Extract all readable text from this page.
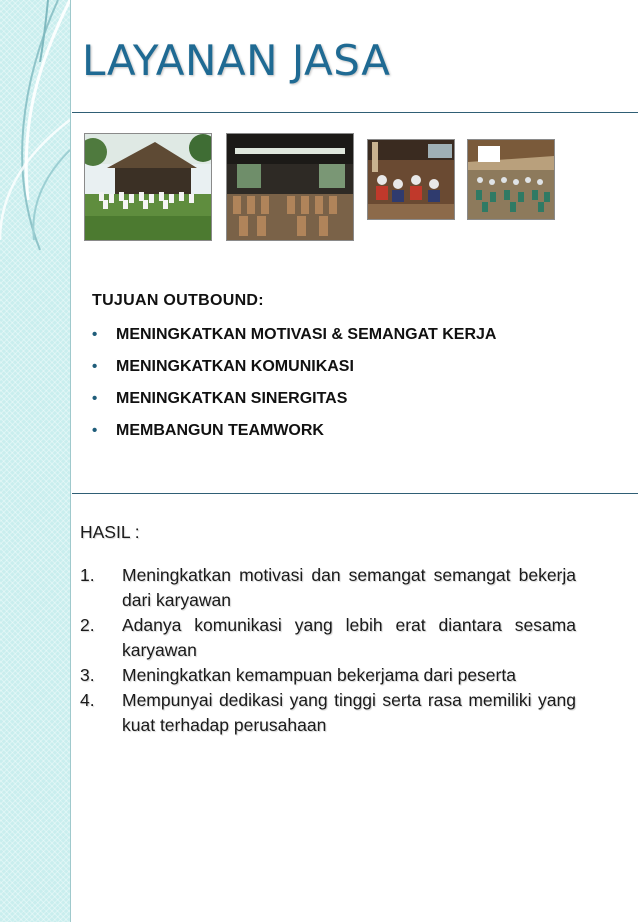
LAYANAN JASA

TUJUAN OUTBOUND:

• MENINGKATKAN MOTIVASI & SEMANGAT KERJA
• MENINGKATKAN KOMUNIKASI
• MENINGKATKAN SINERGITAS
• MEMBANGUN TEAMWORK

HASIL :

1. Meningkatkan motivasi dan semangat semangat bekerja dari karyawan
2. Adanya komunikasi yang lebih erat diantara sesama karyawan
3. Meningkatkan kemampuan bekerjama dari peserta
4. Mempunyai dedikasi yang tinggi serta rasa memiliki yang kuat terhadap perusahaan
